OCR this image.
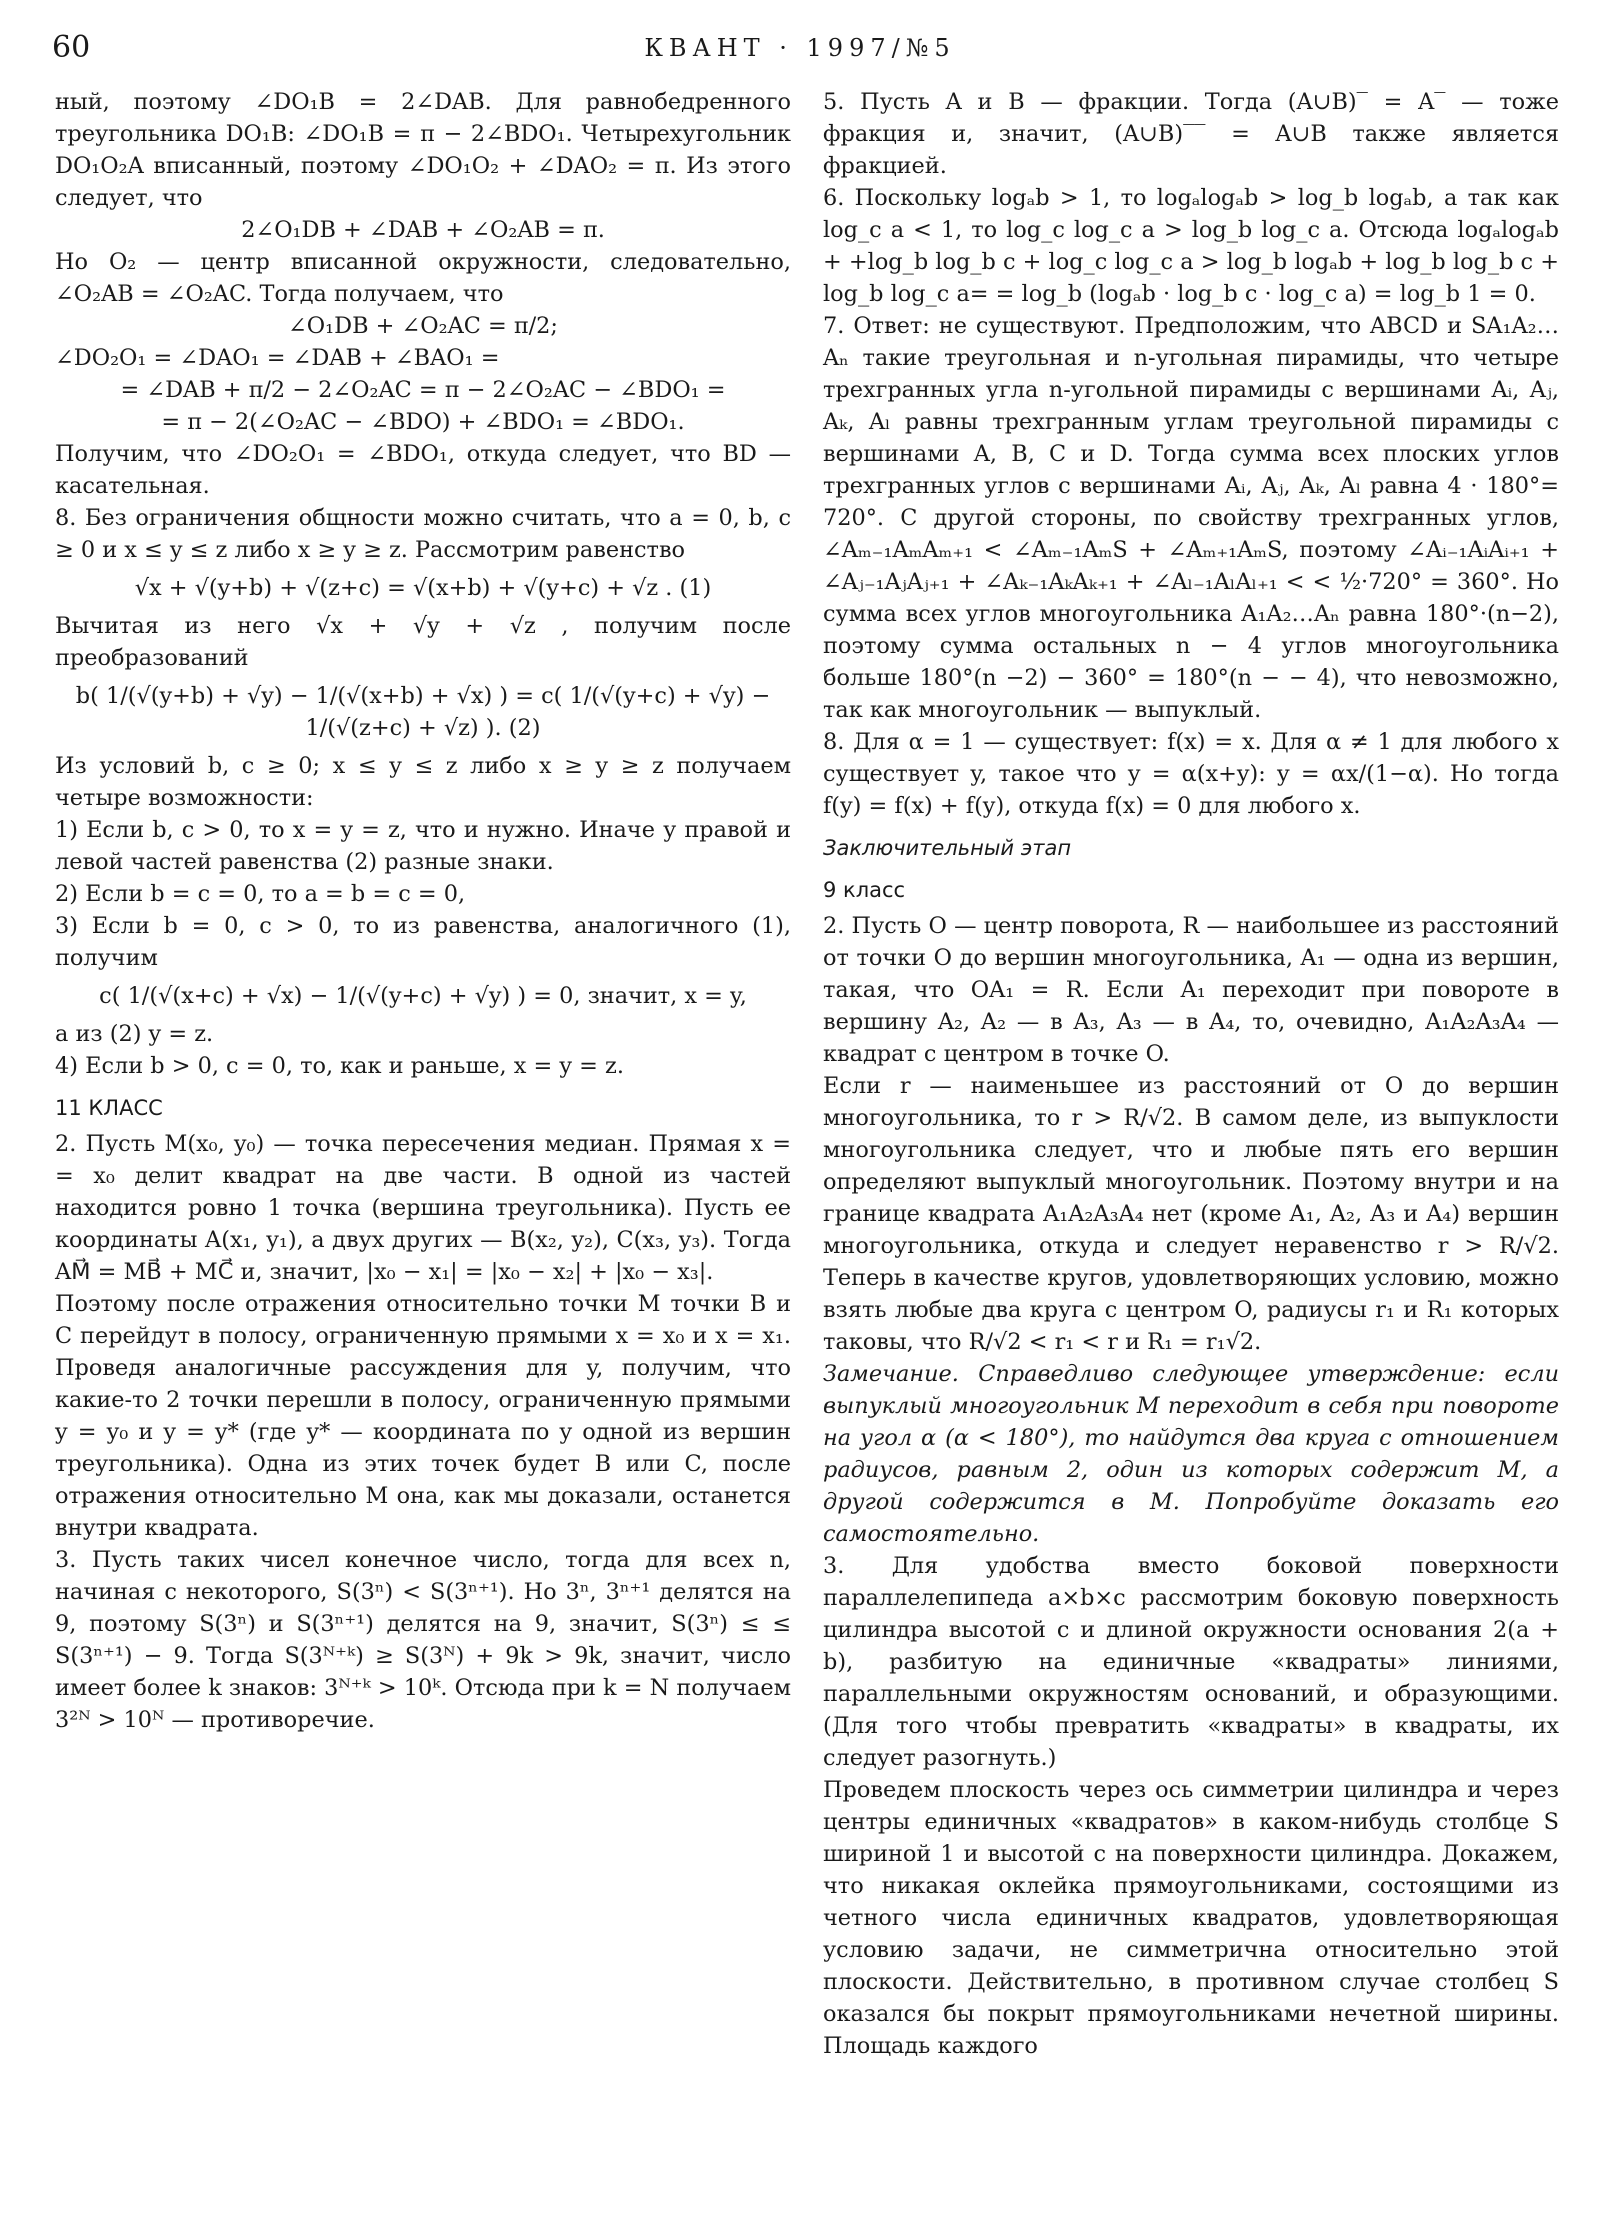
60	КВАНТ · 1997/№5

ный, поэтому ∠DO₁B = 2∠DAB. Для равнобедренного треугольника DO₁B: ∠DO₁B = π − 2∠BDO₁. Четырехугольник DO₁O₂A вписанный, поэтому ∠DO₁O₂ + ∠DAO₂ = π. Из этого следует, что

2∠O₁DB + ∠DAB + ∠O₂AB = π.

Но O₂ — центр вписанной окружности, следовательно, ∠O₂AB = ∠O₂AC. Тогда получаем, что

∠O₁DB + ∠O₂AC = π/2;

∠DO₂O₁ = ∠DAO₁ = ∠DAB + ∠BAO₁ =

= ∠DAB + π/2 − 2∠O₂AC = π − 2∠O₂AC − ∠BDO₁ =

= π − 2(∠O₂AC − ∠BDO) + ∠BDO₁ = ∠BDO₁.

Получим, что ∠DO₂O₁ = ∠BDO₁, откуда следует, что BD — касательная.

8. Без ограничения общности можно считать, что a = 0, b, c ≥ 0 и x ≤ y ≤ z либо x ≥ y ≥ z. Рассмотрим равенство

√x + √(y+b) + √(z+c) = √(x+b) + √(y+c) + √z . (1)

Вычитая из него √x + √y + √z , получим после преобразований

b( 1/(√(y+b) + √y) − 1/(√(x+b) + √x) ) = c( 1/(√(y+c) + √y) − 1/(√(z+c) + √z) ). (2)

Из условий b, c ≥ 0; x ≤ y ≤ z либо x ≥ y ≥ z получаем четыре возможности:

1) Если b, c > 0, то x = y = z, что и нужно. Иначе у правой и левой частей равенства (2) разные знаки.

2) Если b = c = 0, то a = b = c = 0,

3) Если b = 0, c > 0, то из равенства, аналогичного (1), получим

c( 1/(√(x+c) + √x) − 1/(√(y+c) + √y) ) = 0, значит, x = y,

а из (2) y = z.

4) Если b > 0, c = 0, то, как и раньше, x = y = z.

11 КЛАСС

2. Пусть M(x₀, y₀) — точка пересечения медиан. Прямая x = = x₀ делит квадрат на две части. В одной из частей находится ровно 1 точка (вершина треугольника). Пусть ее координаты A(x₁, y₁), а двух других — B(x₂, y₂), C(x₃, y₃). Тогда AM⃗ = MB⃗ + MC⃗ и, значит, |x₀ − x₁| = |x₀ − x₂| + |x₀ − x₃|.

Поэтому после отражения относительно точки M точки B и C перейдут в полосу, ограниченную прямыми x = x₀ и x = x₁. Проведя аналогичные рассуждения для y, получим, что какие-то 2 точки перешли в полосу, ограниченную прямыми y = y₀ и y = y* (где y* — координата по y одной из вершин треугольника). Одна из этих точек будет B или C, после отражения относительно M она, как мы доказали, останется внутри квадрата.

3. Пусть таких чисел конечное число, тогда для всех n, начиная с некоторого, S(3ⁿ) < S(3ⁿ⁺¹). Но 3ⁿ, 3ⁿ⁺¹ делятся на 9, поэтому S(3ⁿ) и S(3ⁿ⁺¹) делятся на 9, значит, S(3ⁿ) ≤ ≤ S(3ⁿ⁺¹) − 9. Тогда S(3ᴺ⁺ᵏ) ≥ S(3ᴺ) + 9k > 9k, значит, число имеет более k знаков: 3ᴺ⁺ᵏ > 10ᵏ. Отсюда при k = N получаем 3²ᴺ > 10ᴺ — противоречие.

5. Пусть A и B — фракции. Тогда (A∪B)‾ = A‾ — тоже фракция и, значит, (A∪B)‾‾ = A∪B также является фракцией.

6. Поскольку logₐb > 1, то logₐlogₐb > log_b logₐb, а так как log_c a < 1, то log_c log_c a > log_b log_c a. Отсюда logₐlogₐb + +log_b log_b c + log_c log_c a > log_b logₐb + log_b log_b c + log_b log_c a= = log_b (logₐb · log_b c · log_c a) = log_b 1 = 0.

7. Ответ: не существуют. Предположим, что ABCD и SA₁A₂…Aₙ такие треугольная и n-угольная пирамиды, что четыре трехгранных угла n-угольной пирамиды с вершинами Aᵢ, Aⱼ, Aₖ, Aₗ равны трехгранным углам треугольной пирамиды с вершинами A, B, C и D. Тогда сумма всех плоских углов трехгранных углов с вершинами Aᵢ, Aⱼ, Aₖ, Aₗ равна 4 · 180°= 720°. С другой стороны, по свойству трехгранных углов, ∠Aₘ₋₁AₘAₘ₊₁ < ∠Aₘ₋₁AₘS + ∠Aₘ₊₁AₘS, поэтому ∠Aᵢ₋₁AᵢAᵢ₊₁ + ∠Aⱼ₋₁AⱼAⱼ₊₁ + ∠Aₖ₋₁AₖAₖ₊₁ + ∠Aₗ₋₁AₗAₗ₊₁ < < ½·720° = 360°. Но сумма всех углов многоугольника A₁A₂…Aₙ равна 180°·(n−2), поэтому сумма остальных n − 4 углов многоугольника больше 180°(n −2) − 360° = 180°(n − − 4), что невозможно, так как многоугольник — выпуклый.

8. Для α = 1 — существует: f(x) = x. Для α ≠ 1 для любого x существует y, такое что y = α(x+y): y = αx/(1−α). Но тогда f(y) = f(x) + f(y), откуда f(x) = 0 для любого x.

Заключительный этап
9 класс

2. Пусть O — центр поворота, R — наибольшее из расстояний от точки O до вершин многоугольника, A₁ — одна из вершин, такая, что OA₁ = R. Если A₁ переходит при повороте в вершину A₂, A₂ — в A₃, A₃ — в A₄, то, очевидно, A₁A₂A₃A₄ — квадрат с центром в точке O.

Если r — наименьшее из расстояний от O до вершин многоугольника, то r > R/√2. В самом деле, из выпуклости многоугольника следует, что и любые пять его вершин определяют выпуклый многоугольник. Поэтому внутри и на границе квадрата A₁A₂A₃A₄ нет (кроме A₁, A₂, A₃ и A₄) вершин многоугольника, откуда и следует неравенство r > R/√2. Теперь в качестве кругов, удовлетворяющих условию, можно взять любые два круга с центром O, радиусы r₁ и R₁ которых таковы, что R/√2 < r₁ < r и R₁ = r₁√2.

Замечание. Справедливо следующее утверждение: если выпуклый многоугольник M переходит в себя при повороте на угол α (α < 180°), то найдутся два круга с отношением радиусов, равным 2, один из которых содержит M, а другой содержится в M. Попробуйте доказать его самостоятельно.

3. Для удобства вместо боковой поверхности параллелепипеда a×b×c рассмотрим боковую поверхность цилиндра высотой c и длиной окружности основания 2(a + b), разбитую на единичные «квадраты» линиями, параллельными окружностям оснований, и образующими. (Для того чтобы превратить «квадраты» в квадраты, их следует разогнуть.)

Проведем плоскость через ось симметрии цилиндра и через центры единичных «квадратов» в каком-нибудь столбце S шириной 1 и высотой c на поверхности цилиндра. Докажем, что никакая оклейка прямоугольниками, состоящими из четного числа единичных квадратов, удовлетворяющая условию задачи, не симметрична относительно этой плоскости. Действительно, в противном случае столбец S оказался бы покрыт прямоугольниками нечетной ширины. Площадь каждого
